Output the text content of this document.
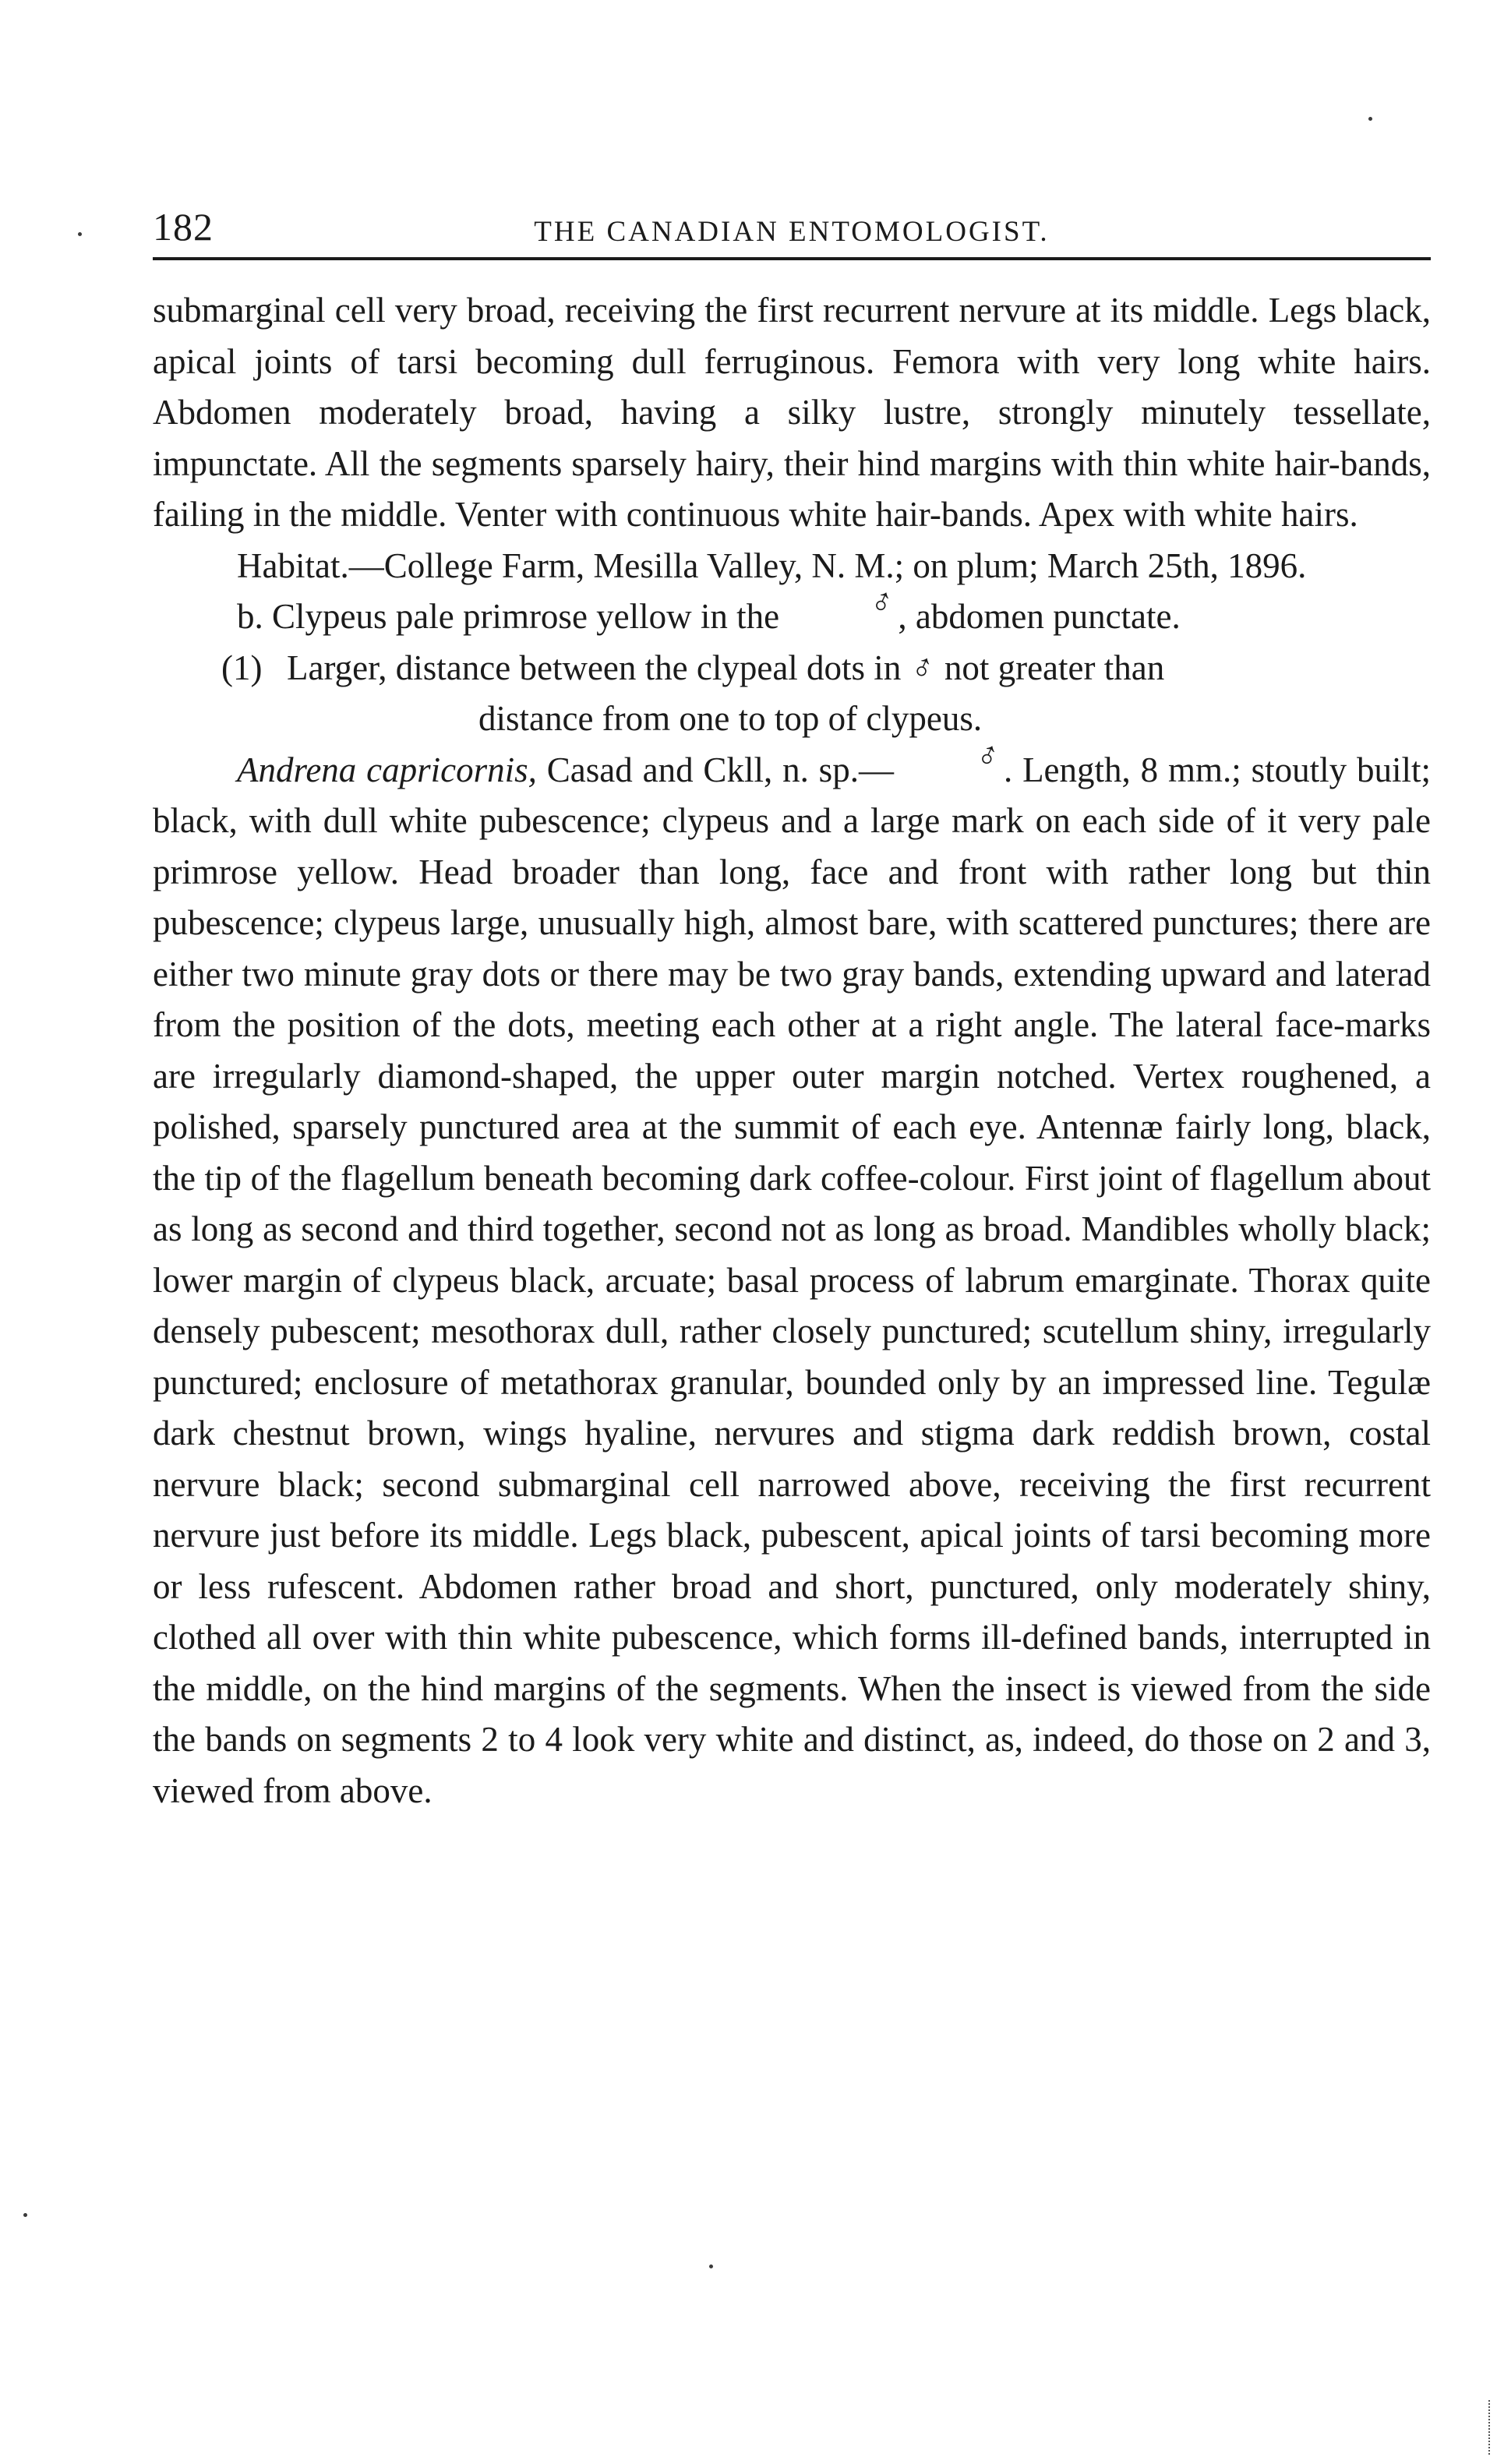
182	THE CANADIAN ENTOMOLOGIST.

submarginal cell very broad, receiving the first recurrent nervure at its middle. Legs black, apical joints of tarsi becoming dull ferruginous. Femora with very long white hairs. Abdomen moderately broad, having a silky lustre, strongly minutely tessellate, impunctate. All the segments sparsely hairy, their hind margins with thin white hair-bands, failing in the middle. Venter with continuous white hair-bands. Apex with white hairs.

Habitat.—College Farm, Mesilla Valley, N. M.; on plum; March 25th, 1896.

b. Clypeus pale primrose yellow in the ♂, abdomen punctate.

(1) Larger, distance between the clypeal dots in ♂ not greater than
distance from one to top of clypeus.

Andrena capricornis, Casad and Ckll, n. sp.— ♂. Length, 8 mm.; stoutly built; black, with dull white pubescence; clypeus and a large mark on each side of it very pale primrose yellow. Head broader than long, face and front with rather long but thin pubescence; clypeus large, unusually high, almost bare, with scattered punctures; there are either two minute gray dots or there may be two gray bands, extending upward and laterad from the position of the dots, meeting each other at a right angle. The lateral face-marks are irregularly diamond-shaped, the upper outer margin notched. Vertex roughened, a polished, sparsely punctured area at the summit of each eye. Antennæ fairly long, black, the tip of the flagellum beneath becoming dark coffee-colour. First joint of flagellum about as long as second and third together, second not as long as broad. Mandibles wholly black; lower margin of clypeus black, arcuate; basal process of labrum emarginate. Thorax quite densely pubescent; mesothorax dull, rather closely punctured; scutellum shiny, irregularly punctured; enclosure of metathorax granular, bounded only by an impressed line. Tegulæ dark chestnut brown, wings hyaline, nervures and stigma dark reddish brown, costal nervure black; second submarginal cell narrowed above, receiving the first recurrent nervure just before its middle. Legs black, pubescent, apical joints of tarsi becoming more or less rufescent. Abdomen rather broad and short, punctured, only moderately shiny, clothed all over with thin white pubescence, which forms ill-defined bands, interrupted in the middle, on the hind margins of the segments. When the insect is viewed from the side the bands on segments 2 to 4 look very white and distinct, as, indeed, do those on 2 and 3, viewed from above.
